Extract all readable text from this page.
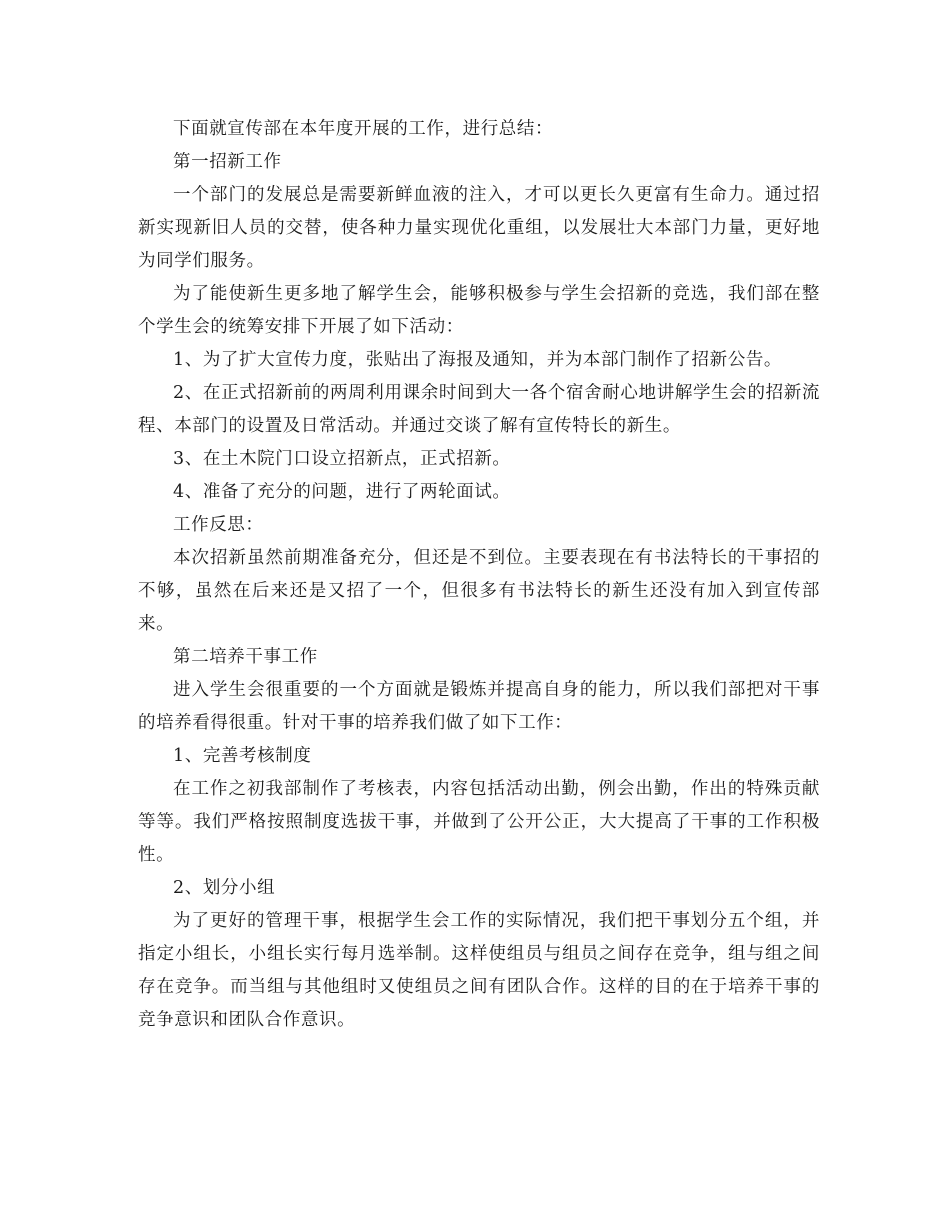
下面就宣传部在本年度开展的工作，进行总结：

第一招新工作

一个部门的发展总是需要新鲜血液的注入，才可以更长久更富有生命力。通过招新实现新旧人员的交替，使各种力量实现优化重组，以发展壮大本部门力量，更好地为同学们服务。

为了能使新生更多地了解学生会，能够积极参与学生会招新的竞选，我们部在整个学生会的统筹安排下开展了如下活动：

1、为了扩大宣传力度，张贴出了海报及通知，并为本部门制作了招新公告。

2、在正式招新前的两周利用课余时间到大一各个宿舍耐心地讲解学生会的招新流程、本部门的设置及日常活动。并通过交谈了解有宣传特长的新生。

3、在土木院门口设立招新点，正式招新。

4、准备了充分的问题，进行了两轮面试。

工作反思：

本次招新虽然前期准备充分，但还是不到位。主要表现在有书法特长的干事招的不够，虽然在后来还是又招了一个，但很多有书法特长的新生还没有加入到宣传部来。

第二培养干事工作

进入学生会很重要的一个方面就是锻炼并提高自身的能力，所以我们部把对干事的培养看得很重。针对干事的培养我们做了如下工作：

1、完善考核制度

在工作之初我部制作了考核表，内容包括活动出勤，例会出勤，作出的特殊贡献等等。我们严格按照制度选拔干事，并做到了公开公正，大大提高了干事的工作积极性。

2、划分小组

为了更好的管理干事，根据学生会工作的实际情况，我们把干事划分五个组，并指定小组长，小组长实行每月选举制。这样使组员与组员之间存在竞争，组与组之间存在竞争。而当组与其他组时又使组员之间有团队合作。这样的目的在于培养干事的竞争意识和团队合作意识。
